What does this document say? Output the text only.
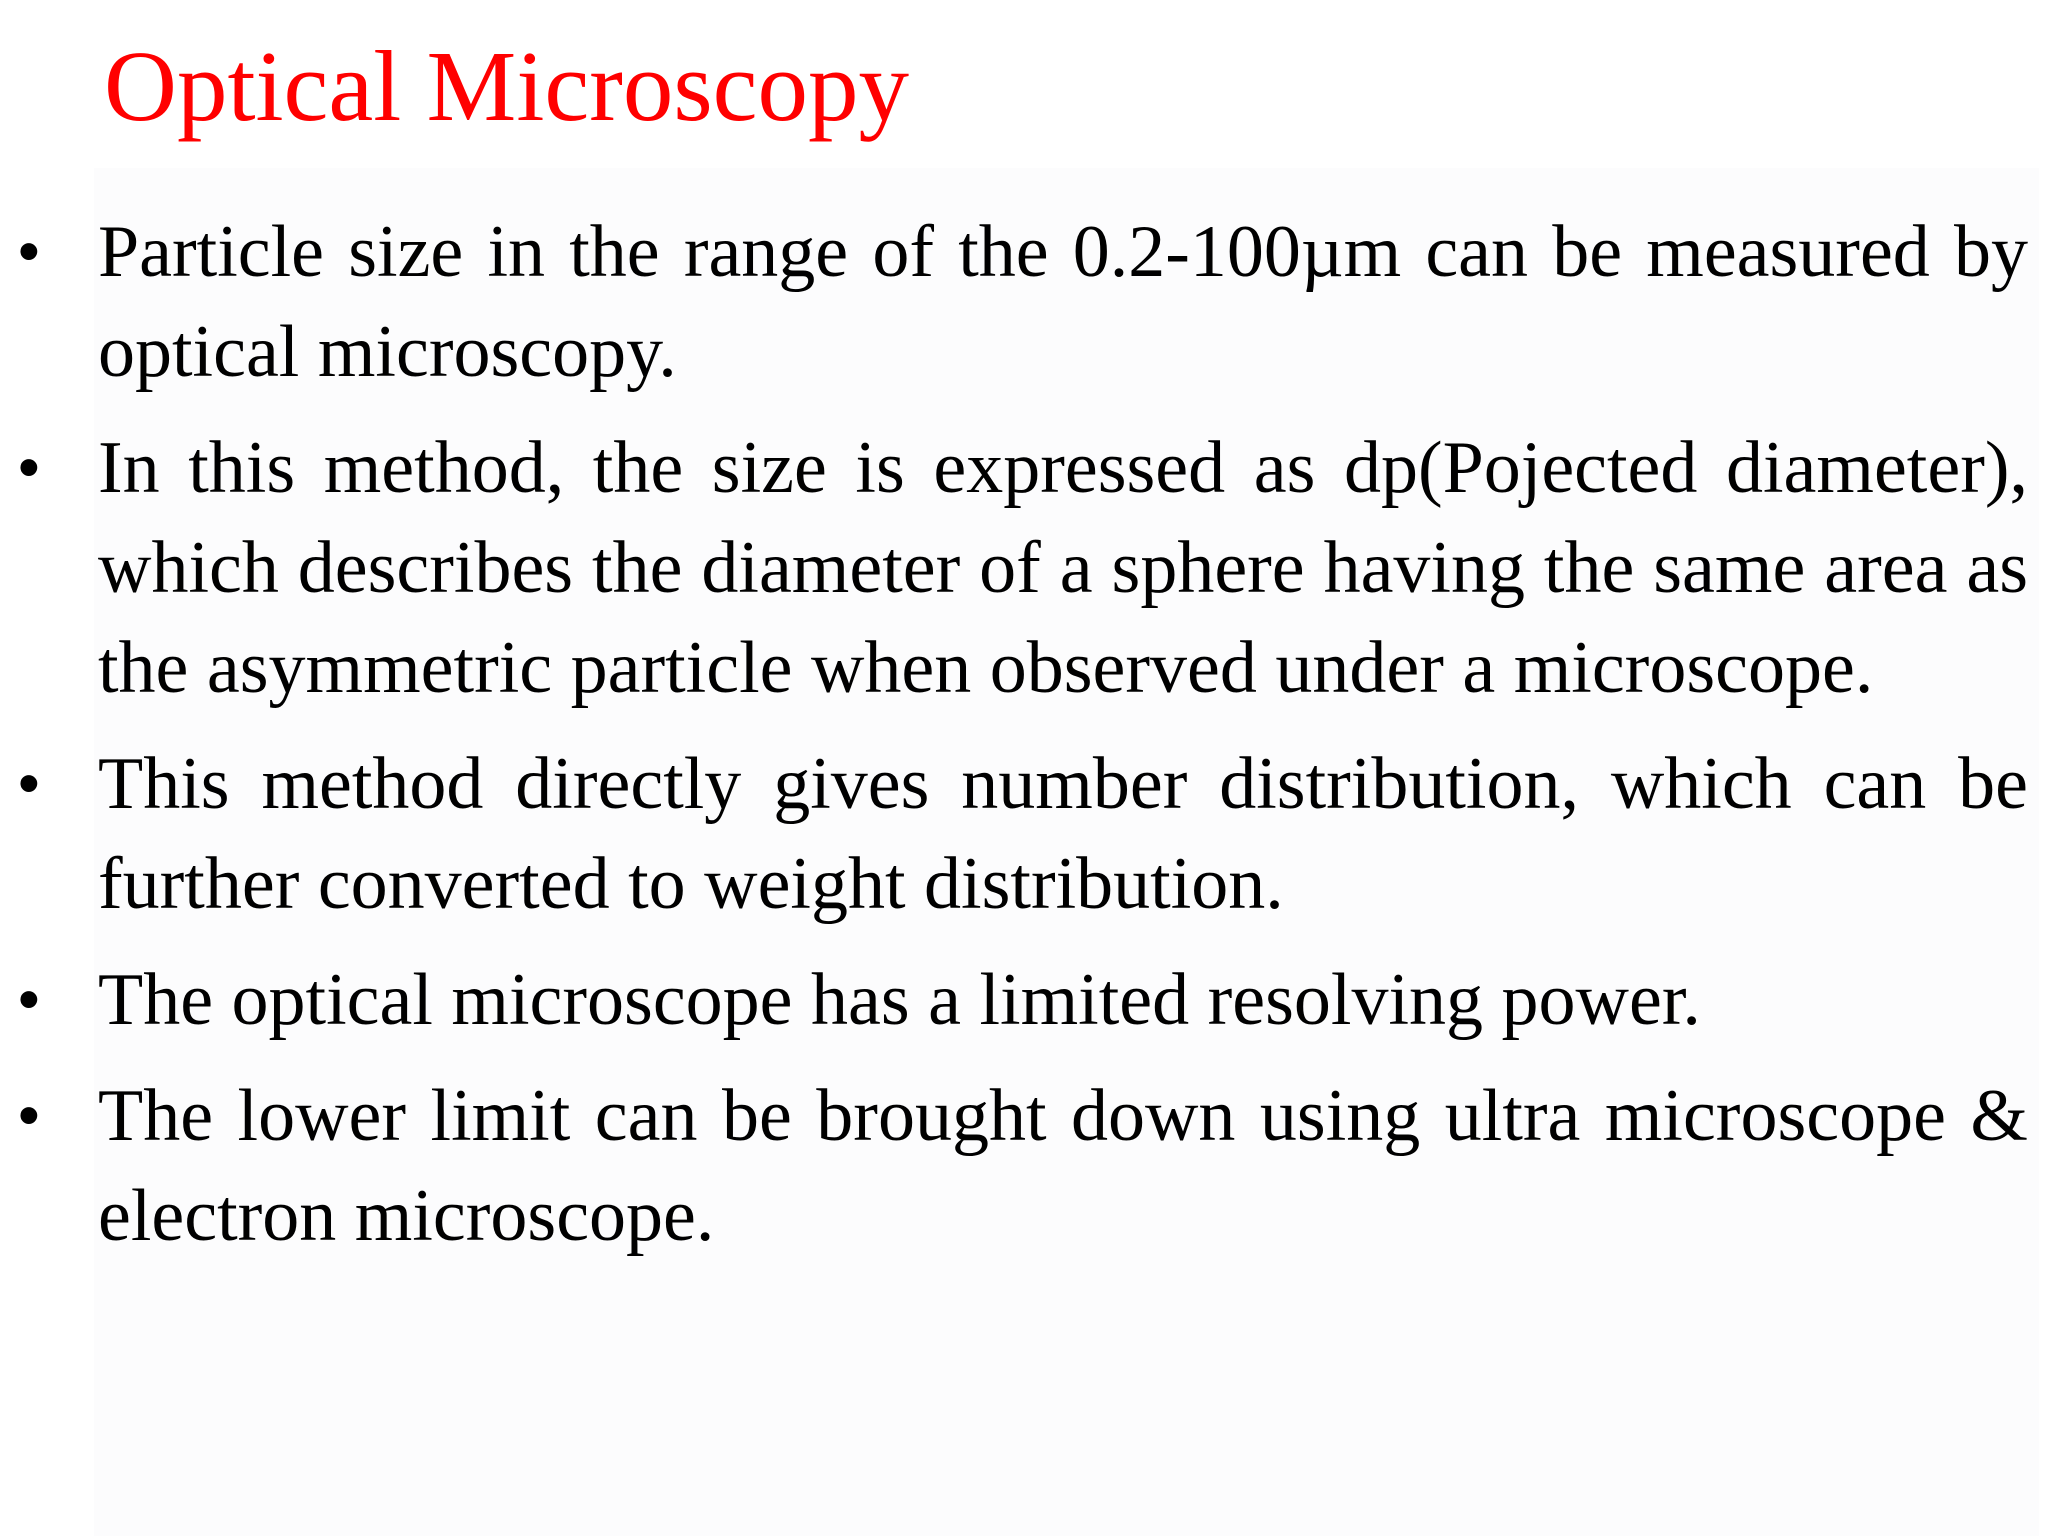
Optical Microscopy
• Particle size in the range of the 0.2-100µm can be measured by optical microscopy.
• In this method, the size is expressed as dp(Pojected diameter), which describes the diameter of a sphere having the same area as the asymmetric particle when observed under a microscope.
• This method directly gives number distribution, which can be further converted to weight distribution.
• The optical microscope has a limited resolving power.
• The lower limit can be brought down using ultra microscope & electron microscope.
